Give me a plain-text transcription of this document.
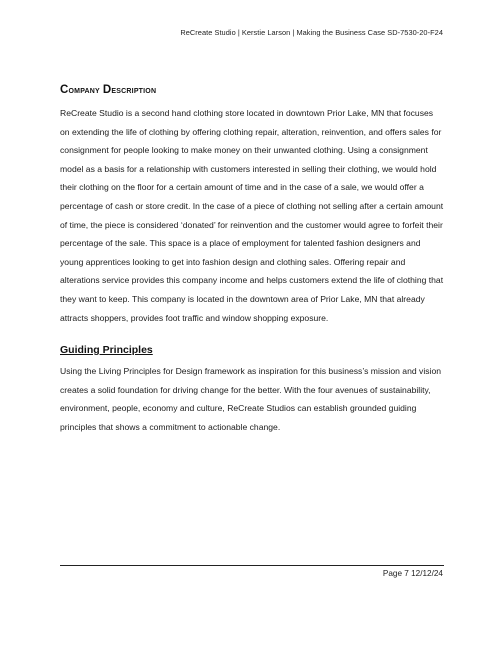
ReCreate Studio | Kerstie Larson | Making the Business Case SD-7530-20-F24
Company Description

ReCreate Studio is a second hand clothing store located in downtown Prior Lake, MN that focuses on extending the life of clothing by offering clothing repair, alteration, reinvention, and offers sales for consignment for people looking to make money on their unwanted clothing. Using a consignment model as a basis for a relationship with customers interested in selling their clothing, we would hold their clothing on the floor for a certain amount of time and in the case of a sale, we would offer a percentage of cash or store credit. In the case of a piece of clothing not selling after a certain amount of time, the piece is considered ‘donated’ for reinvention and the customer would agree to forfeit their percentage of the sale. This space is a place of employment for talented fashion designers and young apprentices looking to get into fashion design and clothing sales. Offering repair and alterations service provides this company income and helps customers extend the life of clothing that they want to keep. This company is located in the downtown area of Prior Lake, MN that already attracts shoppers, provides foot traffic and window shopping exposure.

Guiding Principles

Using the Living Principles for Design framework as inspiration for this business’s mission and vision creates a solid foundation for driving change for the better. With the four avenues of sustainability, environment, people, economy and culture, ReCreate Studios can establish grounded guiding principles that shows a commitment to actionable change.

Page 7 12/12/24
